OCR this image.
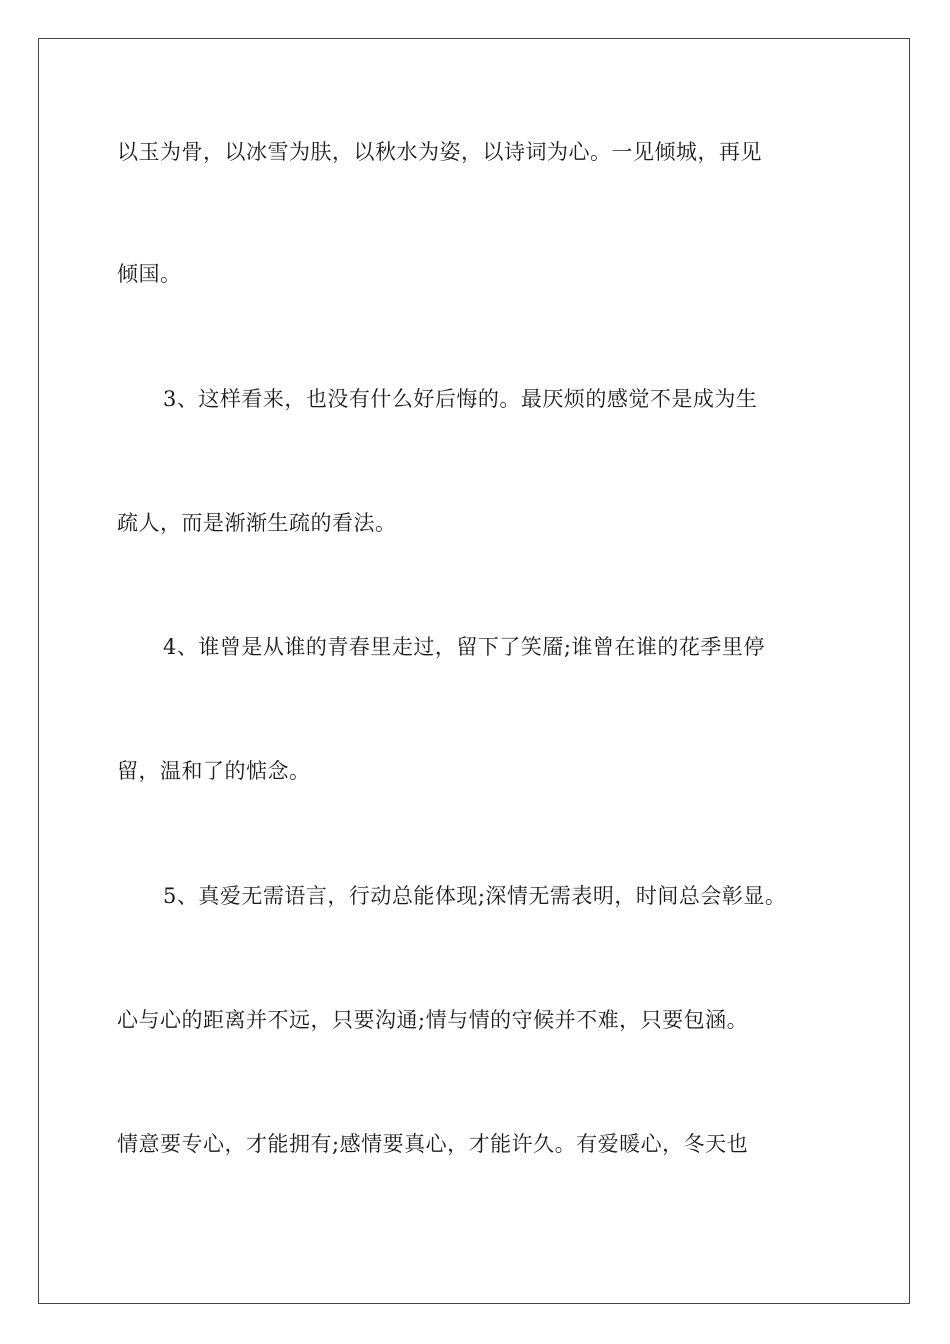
以玉为骨，以冰雪为肤，以秋水为姿，以诗词为心。一见倾城，再见
倾国。
3、这样看来，也没有什么好后悔的。最厌烦的感觉不是成为生
疏人，而是渐渐生疏的看法。
4、谁曾是从谁的青春里走过，留下了笑靥;谁曾在谁的花季里停
留，温和了的惦念。
5、真爱无需语言，行动总能体现;深情无需表明，时间总会彰显。
心与心的距离并不远，只要沟通;情与情的守候并不难，只要包涵。
情意要专心，才能拥有;感情要真心，才能许久。有爱暖心，冬天也
